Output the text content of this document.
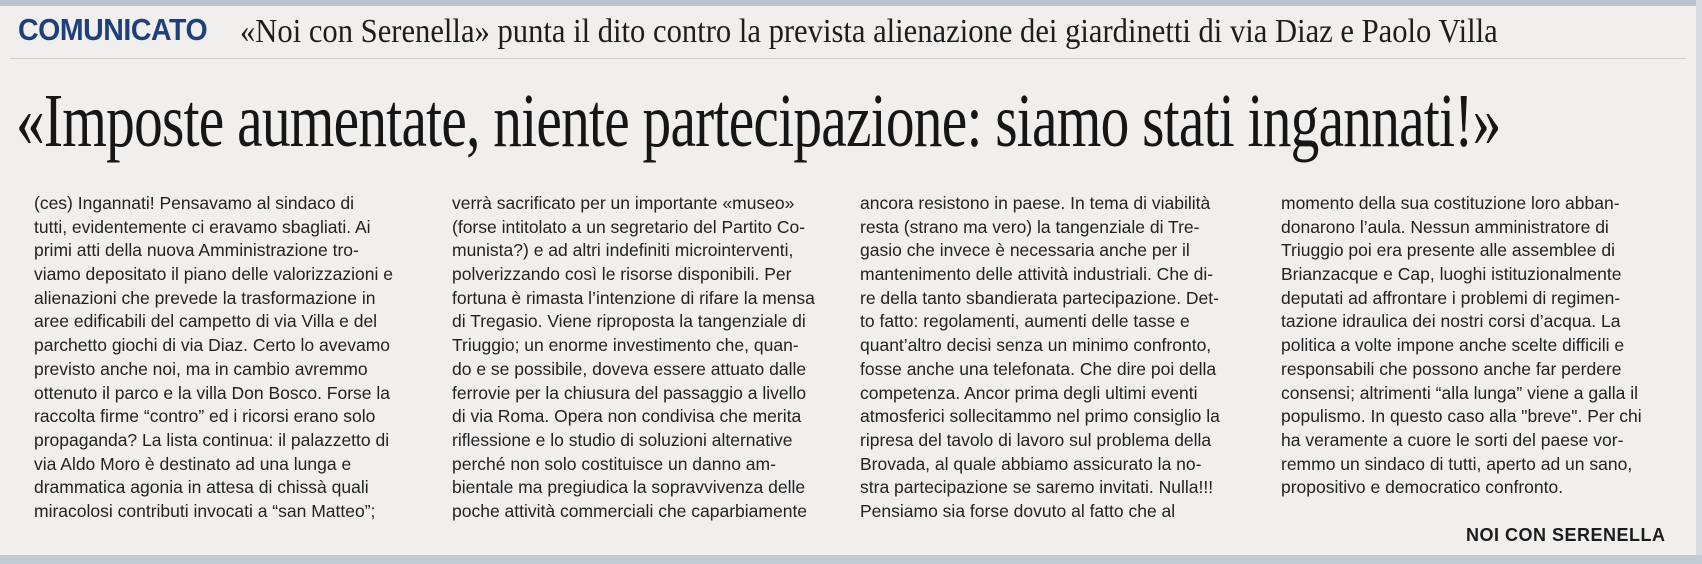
COMUNICATO «Noi con Serenella» punta il dito contro la prevista alienazione dei giardinetti di via Diaz e Paolo Villa
«Imposte aumentate, niente partecipazione: siamo stati ingannati!»
(ces) Ingannati! Pensavamo al sindaco di
tutti, evidentemente ci eravamo sbagliati. Ai
primi atti della nuova Amministrazione tro-
viamo depositato il piano delle valorizzazioni e
alienazioni che prevede la trasformazione in
aree edificabili del campetto di via Villa e del
parchetto giochi di via Diaz. Certo lo avevamo
previsto anche noi, ma in cambio avremmo
ottenuto il parco e la villa Don Bosco. Forse la
raccolta firme “contro” ed i ricorsi erano solo
propaganda? La lista continua: il palazzetto di
via Aldo Moro è destinato ad una lunga e
drammatica agonia in attesa di chissà quali
miracolosi contributi invocati a “san Matteo”;
verrà sacrificato per un importante «museo»
(forse intitolato a un segretario del Partito Co-
munista?) e ad altri indefiniti microinterventi,
polverizzando così le risorse disponibili. Per
fortuna è rimasta l’intenzione di rifare la mensa
di Tregasio. Viene riproposta la tangenziale di
Triuggio; un enorme investimento che, quan-
do e se possibile, doveva essere attuato dalle
ferrovie per la chiusura del passaggio a livello
di via Roma. Opera non condivisa che merita
riflessione e lo studio di soluzioni alternative
perché non solo costituisce un danno am-
bientale ma pregiudica la sopravvivenza delle
poche attività commerciali che caparbiamente
ancora resistono in paese. In tema di viabilità
resta (strano ma vero) la tangenziale di Tre-
gasio che invece è necessaria anche per il
mantenimento delle attività industriali. Che di-
re della tanto sbandierata partecipazione. Det-
to fatto: regolamenti, aumenti delle tasse e
quant’altro decisi senza un minimo confronto,
fosse anche una telefonata. Che dire poi della
competenza. Ancor prima degli ultimi eventi
atmosferici sollecitammo nel primo consiglio la
ripresa del tavolo di lavoro sul problema della
Brovada, al quale abbiamo assicurato la no-
stra partecipazione se saremo invitati. Nulla!!!
Pensiamo sia forse dovuto al fatto che al
momento della sua costituzione loro abban-
donarono l’aula. Nessun amministratore di
Triuggio poi era presente alle assemblee di
Brianzacque e Cap, luoghi istituzionalmente
deputati ad affrontare i problemi di regimen-
tazione idraulica dei nostri corsi d’acqua. La
politica a volte impone anche scelte difficili e
responsabili che possono anche far perdere
consensi; altrimenti “alla lunga” viene a galla il
populismo. In questo caso alla "breve". Per chi
ha veramente a cuore le sorti del paese vor-
remmo un sindaco di tutti, aperto ad un sano,
propositivo e democratico confronto.
NOI CON SERENELLA
